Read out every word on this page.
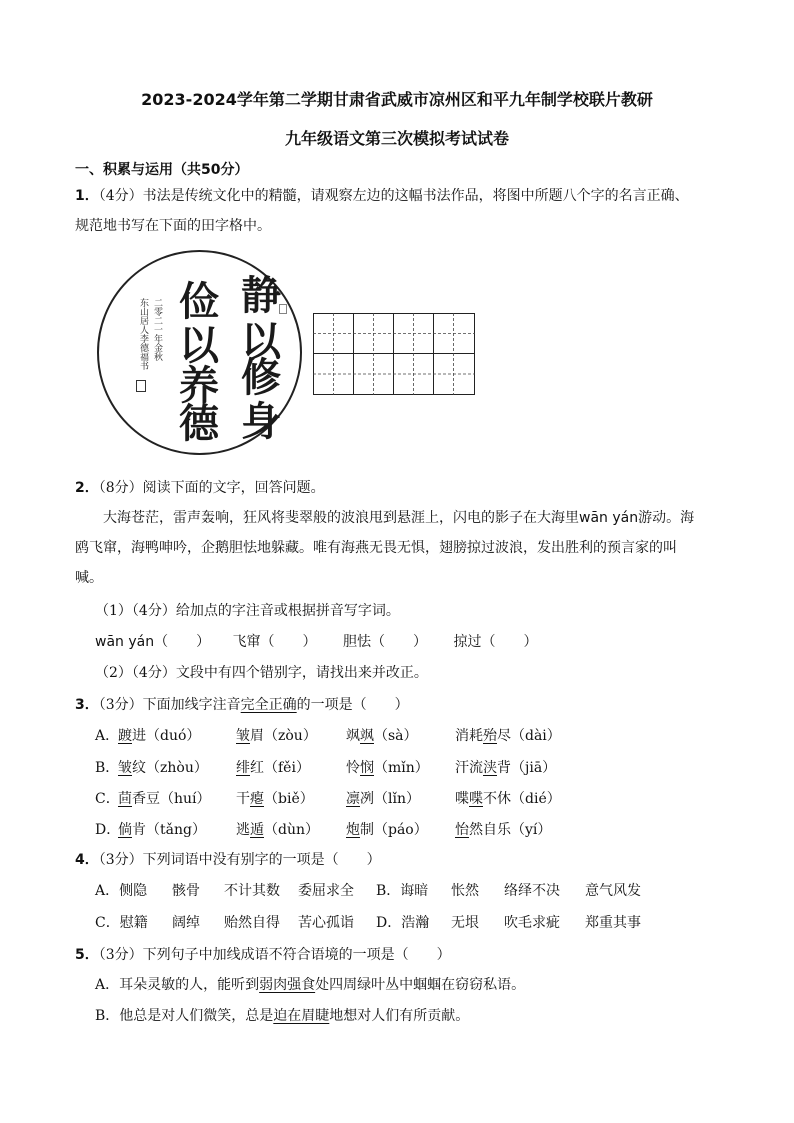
2023-2024学年第二学期甘肃省武威市凉州区和平九年制学校联片教研
九年级语文第三次模拟考试试卷
一、积累与运用（共50分）
1．（4分）书法是传统文化中的精髓，请观察左边的这幅书法作品，将图中所题八个字的名言正确、
规范地书写在下面的田字格中。
静
以
修
身
俭
以
养
德
二零二一年金秋
东山居人李德福书
2．（8分）阅读下面的文字，回答问题。
大海苍茫，雷声轰响，狂风将斐翠般的波浪甩到悬涯上，闪电的影子在大海里wān yán游动。海
鸥飞窜，海鸭呻吟，企鹅胆怯地躲藏。唯有海燕无畏无惧，翅膀掠过波浪，发出胜利的预言家的叫
喊。
（1）（4分）给加点的字注音或根据拼音写字词。
wān yán（　　） 飞窜（　　） 胆怯（　　） 掠过（　　）
（2）（4分）文段中有四个错别字，请找出来并改正。
3．（3分）下面加线字注音完全正确的一项是（　　）
A．
踱进（duó）	皱眉（zòu） 飒飒（sà）	消耗殆尽（dài）
B．
皱纹（zhòu） 绯红（fěi）	怜悯（mǐn） 汗流浃背（jiā）
C．
茴香豆（huí） 干瘪（biě） 凛冽（lǐn）	喋喋不休（dié）
D．
倘肯（tǎng） 逃遁（dùn） 炮制（páo） 怡然自乐（yí）
4．（3分）下列词语中没有别字的一项是（　　）
A．侧隐 骸骨 不计其数 委屈求全 B．诲暗 怅然 络绎不决 意气风发
C．慰籍 阔绰 贻然自得 苦心孤诣 D．浩瀚 无垠 吹毛求疵 郑重其事
5．（3分）下列句子中加线成语不符合语境的一项是（　　）
A．耳朵灵敏的人，能听到弱肉强食处四周绿叶丛中蝈蝈在窃窃私语。
B．他总是对人们微笑，总是迫在眉睫地想对人们有所贡献。
